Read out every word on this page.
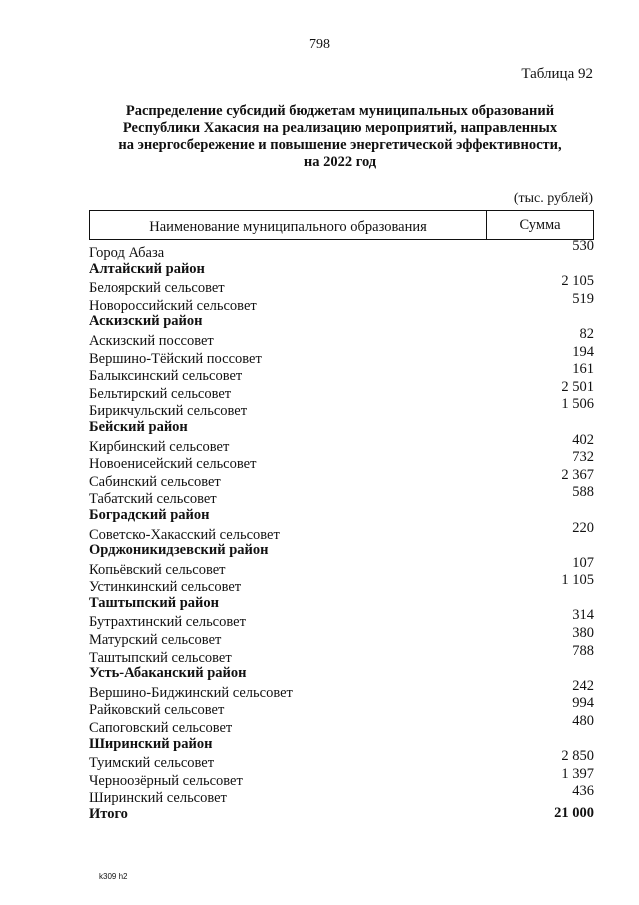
798
Таблица 92
Распределение субсидий бюджетам муниципальных образований
Республики Хакасия на реализацию мероприятий, направленных
на энергосбережение и повышение энергетической эффективности,
на 2022 год
(тыс. рублей)
Наименование муниципального образования	Сумма
Город Абаза	530
Алтайский район
Белоярский сельсовет	2 105
Новороссийский сельсовет	519
Аскизский район
Аскизский поссовет	82
Вершино-Тёйский поссовет	194
Балыксинский сельсовет	161
Бельтирский сельсовет	2 501
Бирикчульский сельсовет	1 506
Бейский район
Кирбинский сельсовет	402
Новоенисейский сельсовет	732
Сабинский сельсовет	2 367
Табатский сельсовет	588
Боградский район
Советско-Хакасский сельсовет	220
Орджоникидзевский район
Копьёвский сельсовет	107
Устинкинский сельсовет	1 105
Таштыпский район
Бутрахтинский сельсовет	314
Матурский сельсовет	380
Таштыпский сельсовет	788
Усть-Абаканский район
Вершино-Биджинский сельсовет	242
Райковский сельсовет	994
Сапоговский сельсовет	480
Ширинский район
Туимский сельсовет	2 850
Черноозёрный сельсовет	1 397
Ширинский сельсовет	436
Итого	21 000
k309 h2
